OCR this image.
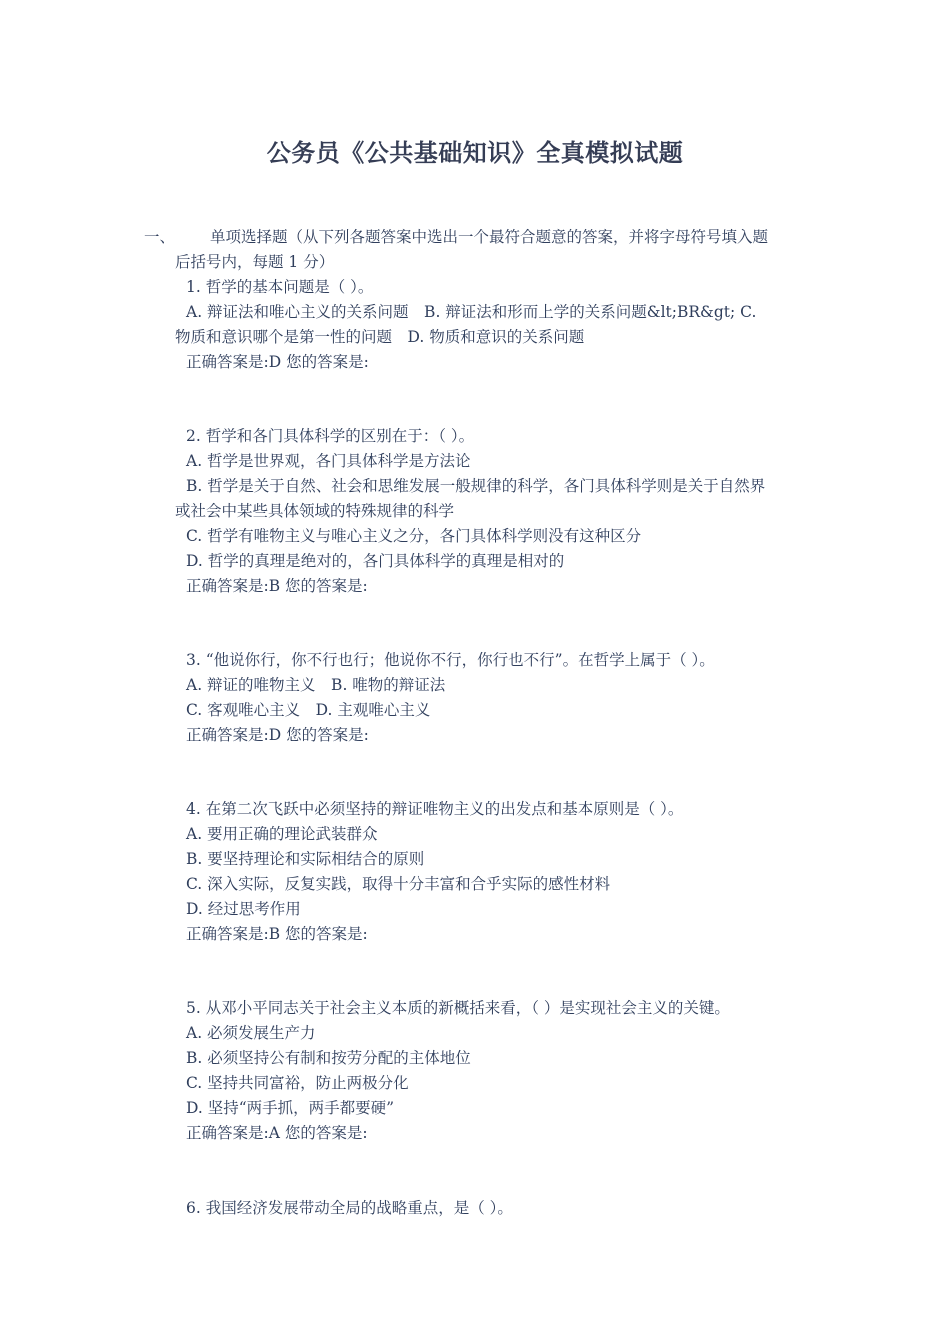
公务员《公共基础知识》全真模拟试题
一、 单项选择题（从下列各题答案中选出一个最符合题意的答案，并将字母符号填入题
后括号内，每题 1 分）
1. 哲学的基本问题是（ ）。
A. 辩证法和唯心主义的关系问题　B. 辩证法和形而上学的关系问题&lt;BR&gt; C.
物质和意识哪个是第一性的问题　D. 物质和意识的关系问题
正确答案是:D 您的答案是:
2. 哲学和各门具体科学的区别在于：（ ）。
A. 哲学是世界观，各门具体科学是方法论
B. 哲学是关于自然、社会和思维发展一般规律的科学，各门具体科学则是关于自然界
或社会中某些具体领域的特殊规律的科学
C. 哲学有唯物主义与唯心主义之分，各门具体科学则没有这种区分
D. 哲学的真理是绝对的，各门具体科学的真理是相对的
正确答案是:B 您的答案是:
3. “他说你行，你不行也行；他说你不行，你行也不行”。在哲学上属于（ ）。
A. 辩证的唯物主义　B. 唯物的辩证法
C. 客观唯心主义　D. 主观唯心主义
正确答案是:D 您的答案是:
4. 在第二次飞跃中必须坚持的辩证唯物主义的出发点和基本原则是（ ）。
A. 要用正确的理论武装群众
B. 要坚持理论和实际相结合的原则
C. 深入实际，反复实践，取得十分丰富和合乎实际的感性材料
D. 经过思考作用
正确答案是:B 您的答案是:
5. 从邓小平同志关于社会主义本质的新概括来看，（ ）是实现社会主义的关键。
A. 必须发展生产力
B. 必须坚持公有制和按劳分配的主体地位
C. 坚持共同富裕，防止两极分化
D. 坚持“两手抓，两手都要硬”
正确答案是:A 您的答案是:
6. 我国经济发展带动全局的战略重点，是（ ）。
